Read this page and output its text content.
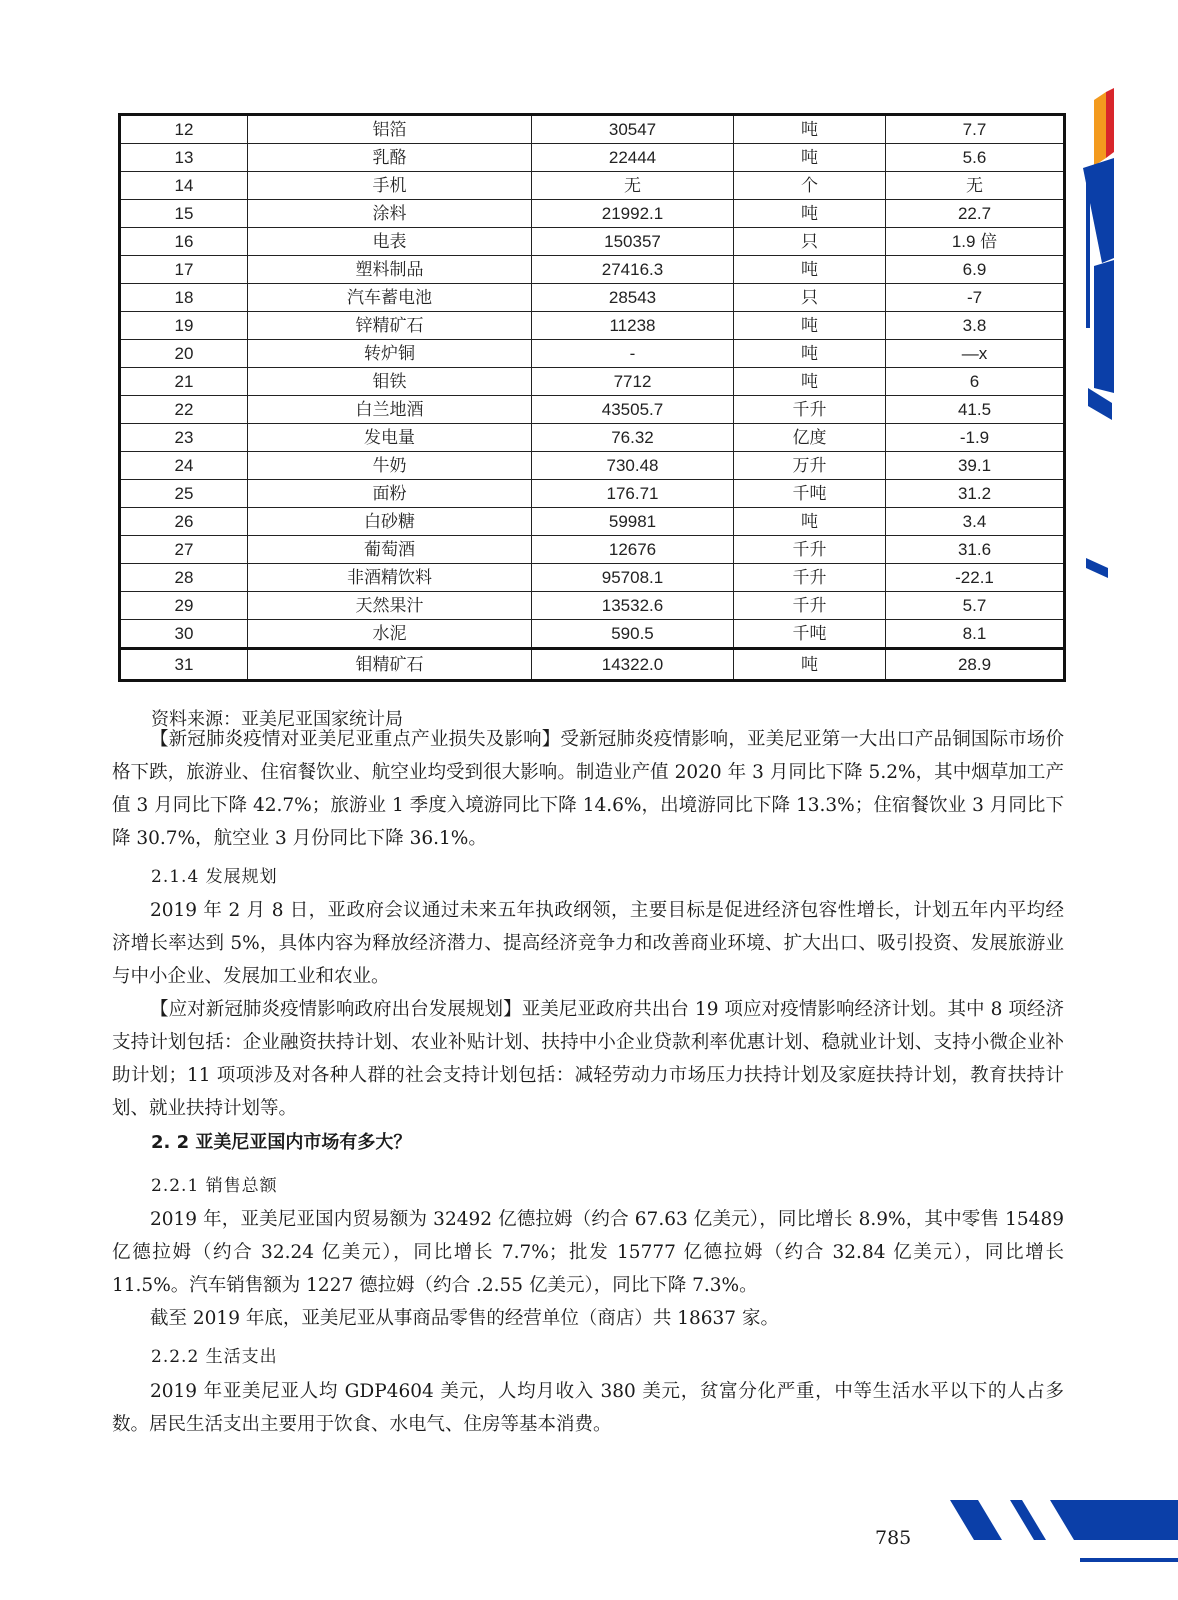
12	铝箔	30547	吨	7.7
13	乳酪	22444	吨	5.6
14	手机	无	个	无
15	涂料	21992.1	吨	22.7
16	电表	150357	只	1.9 倍
17	塑料制品	27416.3	吨	6.9
18	汽车蓄电池	28543	只	-7
19	锌精矿石	11238	吨	3.8
20	转炉铜	-	吨	—x
21	钼铁	7712	吨	6
22	白兰地酒	43505.7	千升	41.5
23	发电量	76.32	亿度	-1.9
24	牛奶	730.48	万升	39.1
25	面粉	176.71	千吨	31.2
26	白砂糖	59981	吨	3.4
27	葡萄酒	12676	千升	31.6
28	非酒精饮料	95708.1	千升	-22.1
29	天然果汁	13532.6	千升	5.7
30	水泥	590.5	千吨	8.1
31	钼精矿石	14322.0	吨	28.9
资料来源：亚美尼亚国家统计局

【新冠肺炎疫情对亚美尼亚重点产业损失及影响】受新冠肺炎疫情影响，亚美尼亚第一大出口产品铜国际市场价格下跌，旅游业、住宿餐饮业、航空业均受到很大影响。制造业产值 2020 年 3 月同比下降 5.2%，其中烟草加工产值 3 月同比下降 42.7%；旅游业 1 季度入境游同比下降 14.6%，出境游同比下降 13.3%；住宿餐饮业 3 月同比下降 30.7%，航空业 3 月份同比下降 36.1%。

2.1.4 发展规划

2019 年 2 月 8 日，亚政府会议通过未来五年执政纲领，主要目标是促进经济包容性增长，计划五年内平均经济增长率达到 5%，具体内容为释放经济潜力、提高经济竞争力和改善商业环境、扩大出口、吸引投资、发展旅游业与中小企业、发展加工业和农业。

【应对新冠肺炎疫情影响政府出台发展规划】亚美尼亚政府共出台 19 项应对疫情影响经济计划。其中 8 项经济支持计划包括：企业融资扶持计划、农业补贴计划、扶持中小企业贷款利率优惠计划、稳就业计划、支持小微企业补助计划；11 项项涉及对各种人群的社会支持计划包括：减轻劳动力市场压力扶持计划及家庭扶持计划，教育扶持计划、就业扶持计划等。

2. 2 亚美尼亚国内市场有多大？
2.2.1 销售总额

2019 年，亚美尼亚国内贸易额为 32492 亿德拉姆（约合 67.63 亿美元），同比增长 8.9%，其中零售 15489 亿德拉姆（约合 32.24 亿美元），同比增长 7.7%；批发 15777 亿德拉姆（约合 32.84 亿美元），同比增长 11.5%。汽车销售额为 1227 德拉姆（约合 .2.55 亿美元），同比下降 7.3%。

截至 2019 年底，亚美尼亚从事商品零售的经营单位（商店）共 18637 家。

2.2.2 生活支出

2019 年亚美尼亚人均 GDP4604 美元，人均月收入 380 美元，贫富分化严重，中等生活水平以下的人占多数。居民生活支出主要用于饮食、水电气、住房等基本消费。

785
